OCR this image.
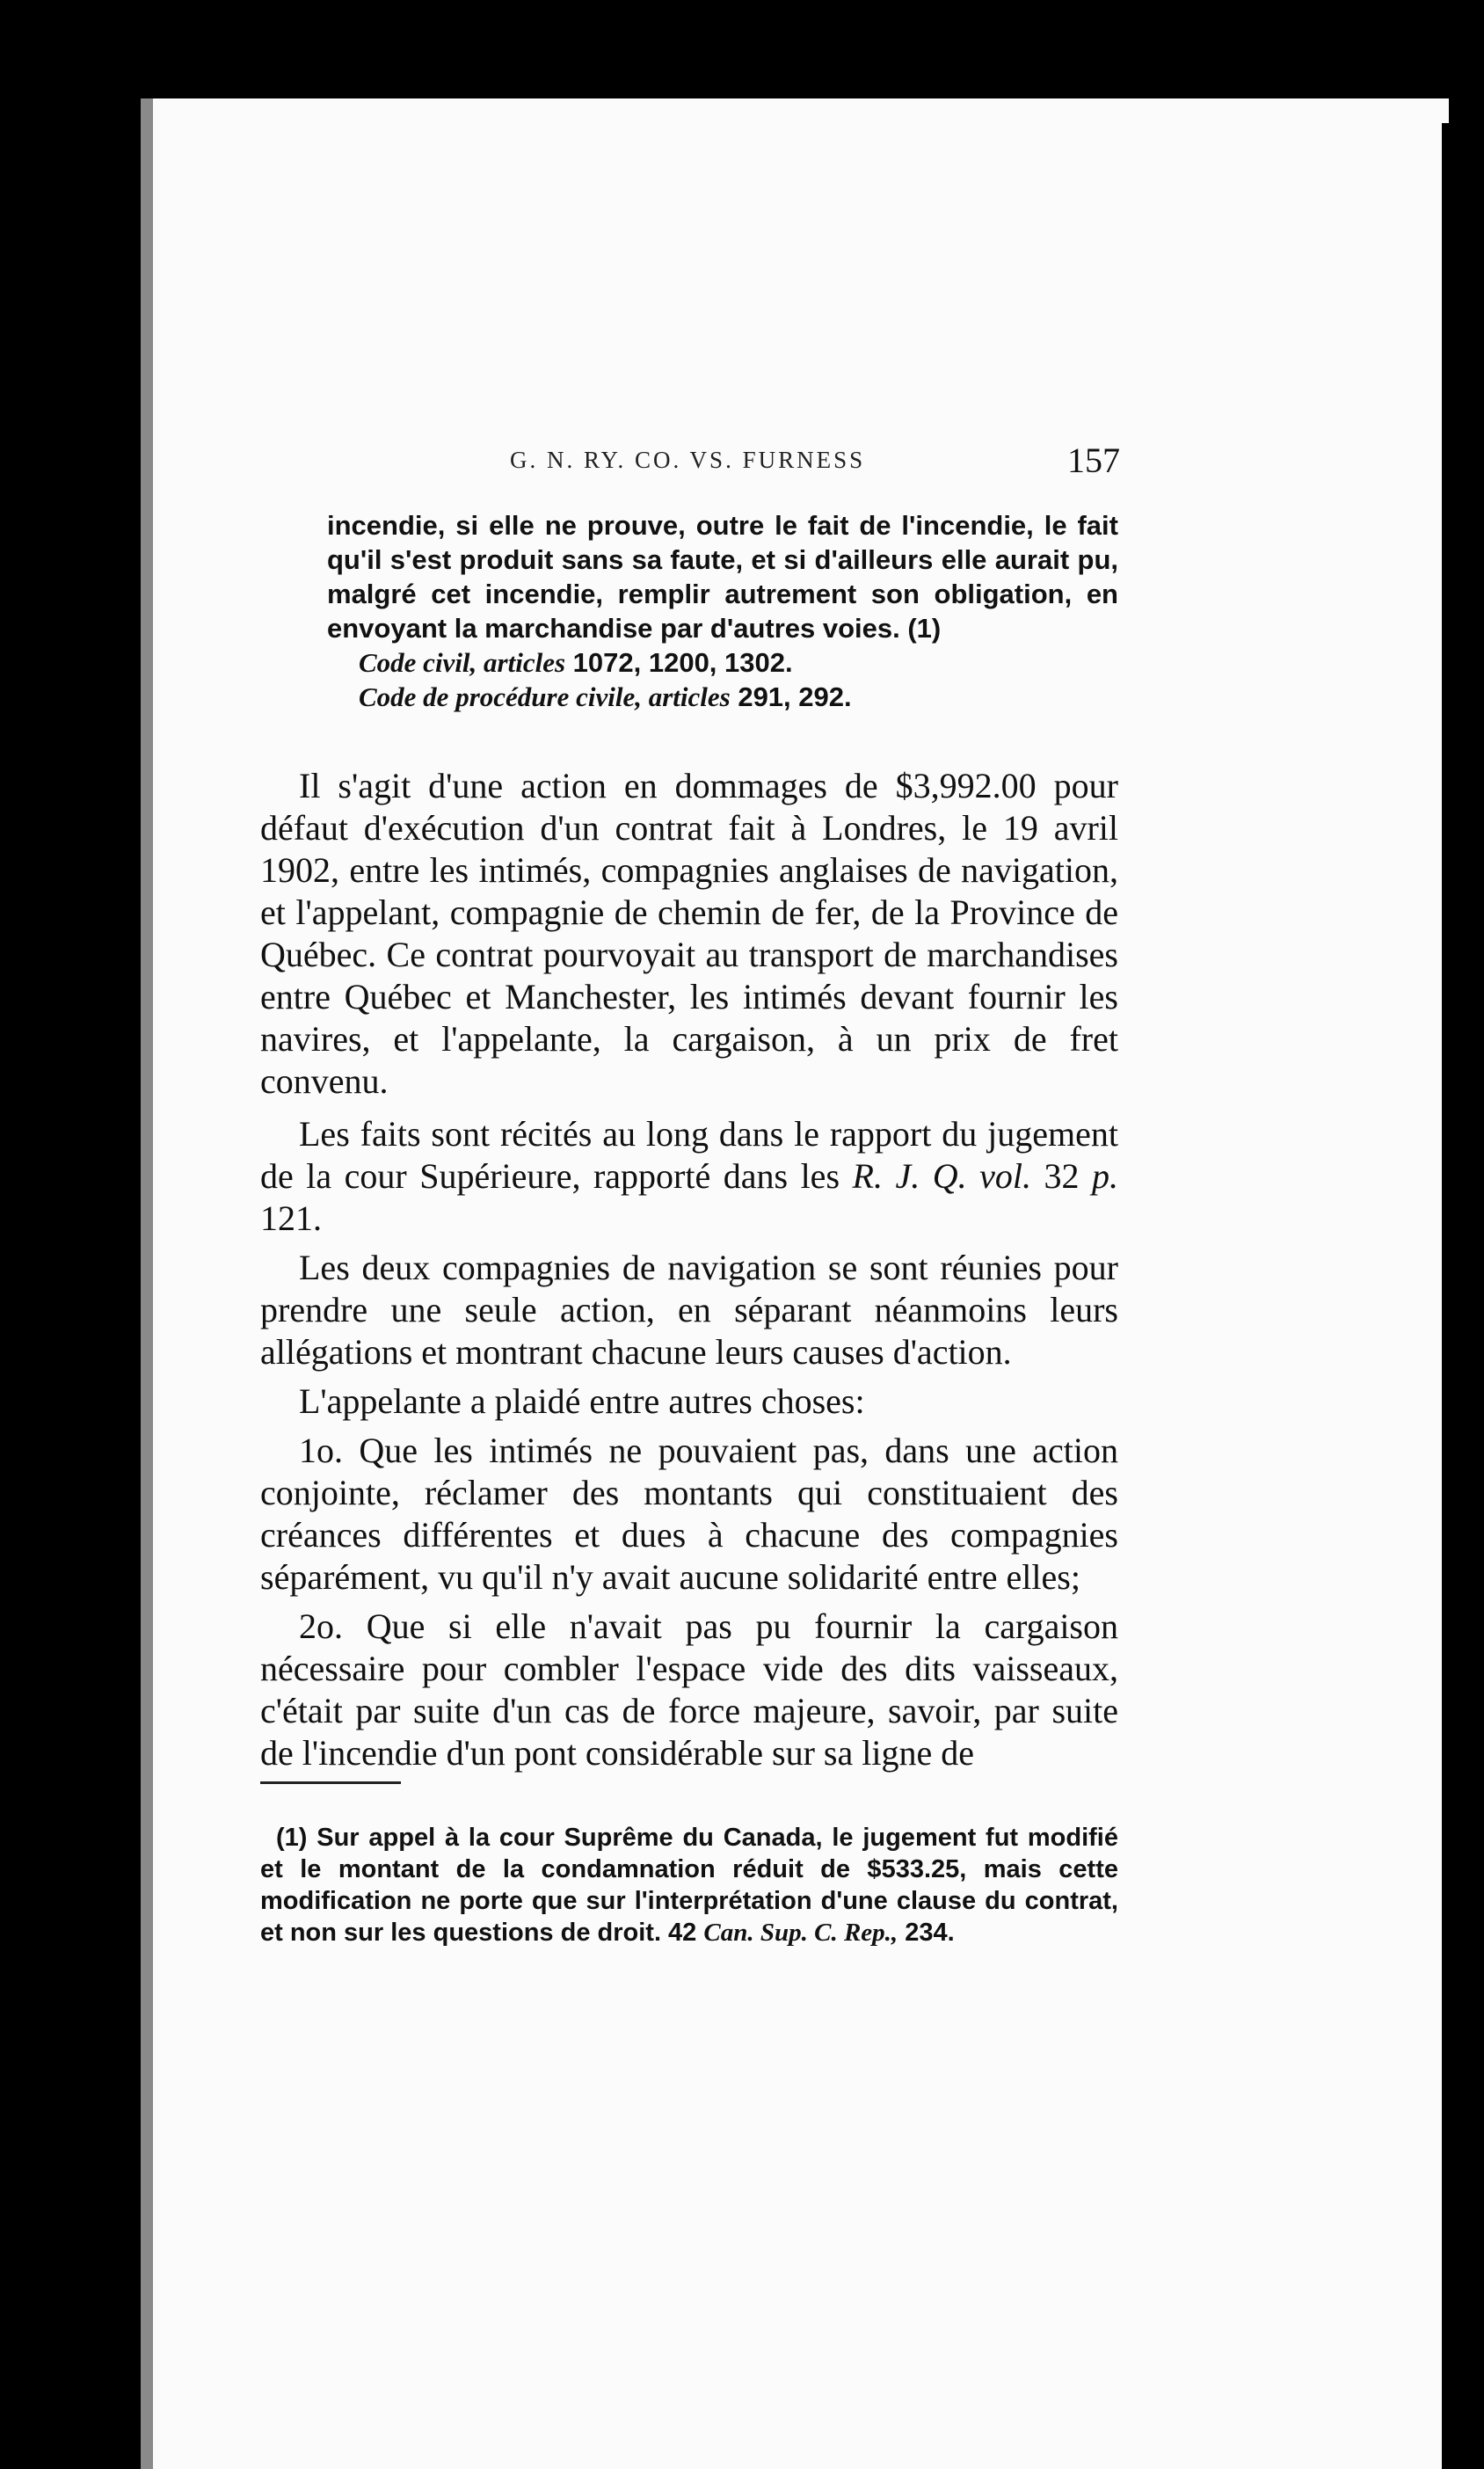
G. N. RY. CO. VS. FURNESS	157
incendie, si elle ne prouve, outre le fait de l'incendie, le fait qu'il s'est produit sans sa faute, et si d'ailleurs elle aurait pu, malgré cet incendie, remplir autrement son obligation, en envoyant la marchandise par d'autres voies. (1)
Code civil, articles 1072, 1200, 1302.
Code de procédure civile, articles 291, 292.

Il s'agit d'une action en dommages de $3,992.00 pour défaut d'exécution d'un contrat fait à Londres, le 19 avril 1902, entre les intimés, compagnies anglaises de navigation, et l'appelant, compagnie de chemin de fer, de la Province de Québec. Ce contrat pourvoyait au transport de marchandises entre Québec et Manchester, les intimés devant fournir les navires, et l'appelante, la cargaison, à un prix de fret convenu.

Les faits sont récités au long dans le rapport du jugement de la cour Supérieure, rapporté dans les R. J. Q. vol. 32 p. 121.

Les deux compagnies de navigation se sont réunies pour prendre une seule action, en séparant néanmoins leurs allégations et montrant chacune leurs causes d'action.

L'appelante a plaidé entre autres choses:

1o. Que les intimés ne pouvaient pas, dans une action conjointe, réclamer des montants qui constituaient des créances différentes et dues à chacune des compagnies séparément, vu qu'il n'y avait aucune solidarité entre elles;

2o. Que si elle n'avait pas pu fournir la cargaison nécessaire pour combler l'espace vide des dits vaisseaux, c'était par suite d'un cas de force majeure, savoir, par suite de l'incendie d'un pont considérable sur sa ligne de

(1) Sur appel à la cour Suprême du Canada, le jugement fut modifié et le montant de la condamnation réduit de $533.25, mais cette modification ne porte que sur l'interprétation d'une clause du contrat, et non sur les questions de droit. 42 Can. Sup. C. Rep., 234.
